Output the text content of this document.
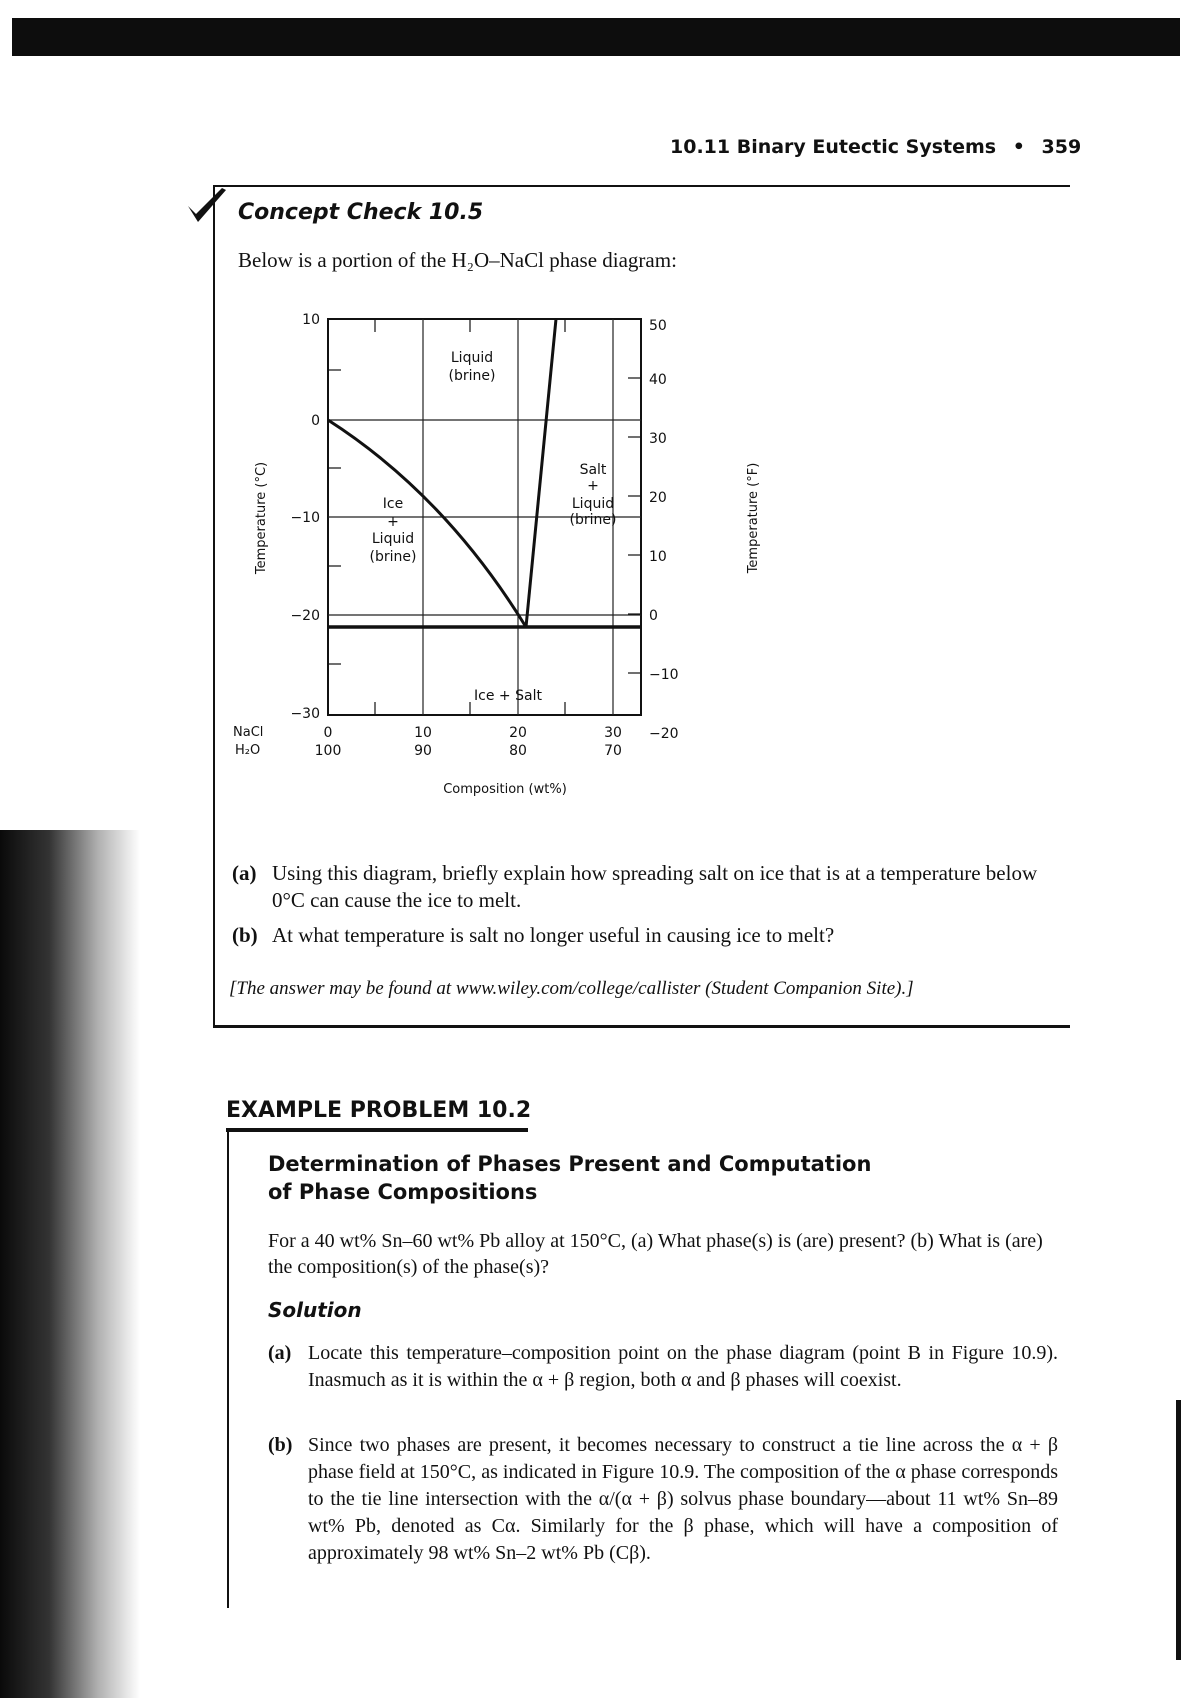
10.11 Binary Eutectic Systems • 359
Concept Check 10.5
Below is a portion of the H₂O–NaCl phase diagram:
Liquid
(brine)
Ice
+
Liquid
(brine)
Salt
+
Liquid
(brine)
Ice + Salt
10
0
−10
−20
−30
50
40
30
20
10
0
−10
−20
Temperature (°C)	Temperature (°F)
NaCl
H₂O
0	10	20	30
100	90	80	70
Composition (wt%)
(a) Using this diagram, briefly explain how spreading salt on ice that is at a temperature below 0°C can cause the ice to melt.
(b) At what temperature is salt no longer useful in causing ice to melt?
[The answer may be found at www.wiley.com/college/callister (Student Companion Site).]
EXAMPLE PROBLEM 10.2
Determination of Phases Present and Computation
of Phase Compositions
For a 40 wt% Sn–60 wt% Pb alloy at 150°C, (a) What phase(s) is (are) present? (b) What is (are) the composition(s) of the phase(s)?
Solution
(a) Locate this temperature–composition point on the phase diagram (point B in Figure 10.9). Inasmuch as it is within the α + β region, both α and β phases will coexist.
(b) Since two phases are present, it becomes necessary to construct a tie line across the α + β phase field at 150°C, as indicated in Figure 10.9. The composition of the α phase corresponds to the tie line intersection with the α/(α + β) solvus phase boundary—about 11 wt% Sn–89 wt% Pb, denoted as Cα. Similarly for the β phase, which will have a composition of approximately 98 wt% Sn–2 wt% Pb (Cβ).
